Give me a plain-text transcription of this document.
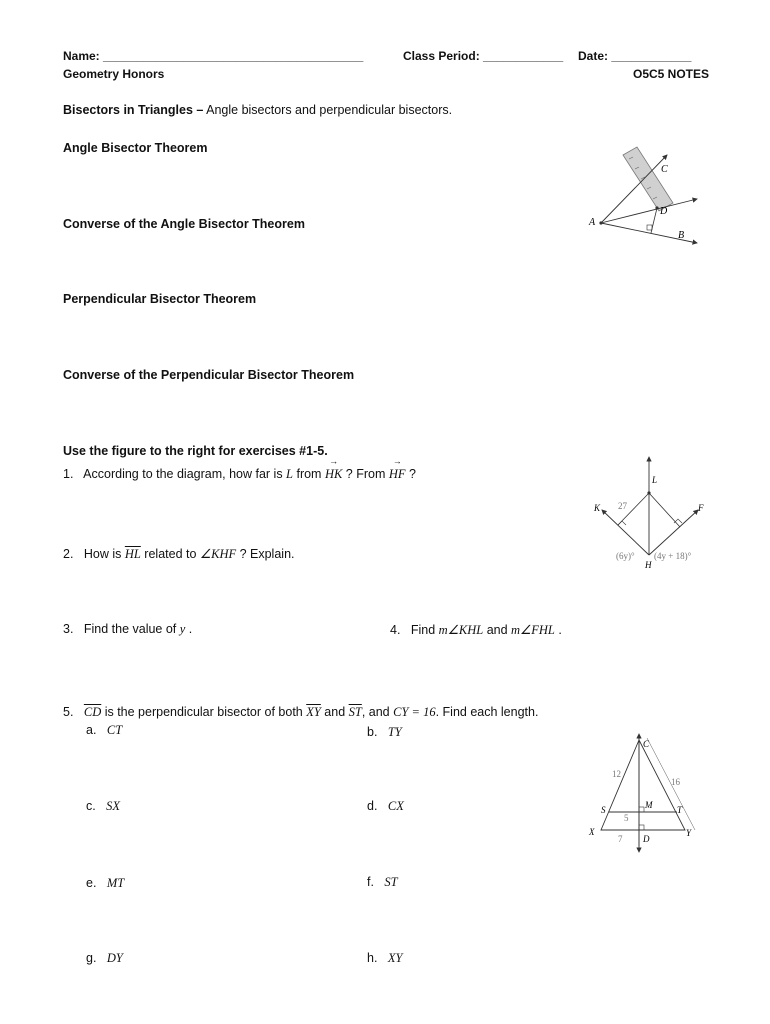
Name: _______________________________________	Class Period: ____________ Date: ____________
Geometry Honors	O5C5 NOTES
Bisectors in Triangles – Angle bisectors and perpendicular bisectors.
Angle Bisector Theorem
Converse of the Angle Bisector Theorem
Perpendicular Bisector Theorem
Converse of the Perpendicular Bisector Theorem
Use the figure to the right for exercises #1-5.
1. According to the diagram, how far is L from → HK ? From → HF ?
2. How is $\overline{HL}$ related to ∠KHF ? Explain.
3. Find the value of y .	4. Find m∠KHL and m∠FHL .
5. $\overline{CD}$ is the perpendicular bisector of both $\overline{XY}$ and $\overline{ST}$, and CY = 16. Find each length.
a. CT	b. TY
c. SX	d. CX
e. MT	f. ST
g. DY	h. XY
A
B
C
D
L
K	F
H
27
(6y)° (4y + 18)°
C
S	M	T
X
D
Y
12
16
5
7
